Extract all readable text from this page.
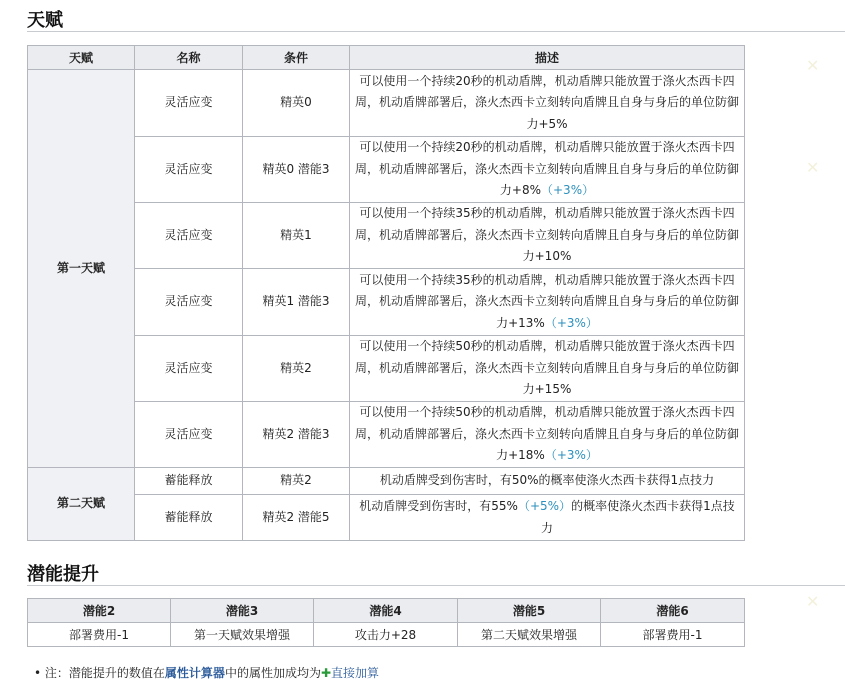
天赋
天赋	名称	条件	描述
第一天赋	灵活应变	精英0	可以使用一个持续20秒的机动盾牌，机动盾牌只能放置于涤火杰西卡四周，机动盾牌部署后，涤火杰西卡立刻转向盾牌且自身与身后的单位防御力+5%
	灵活应变	精英0 潜能3	可以使用一个持续20秒的机动盾牌，机动盾牌只能放置于涤火杰西卡四周，机动盾牌部署后，涤火杰西卡立刻转向盾牌且自身与身后的单位防御力+8%（+3%）
	灵活应变	精英1	可以使用一个持续35秒的机动盾牌，机动盾牌只能放置于涤火杰西卡四周，机动盾牌部署后，涤火杰西卡立刻转向盾牌且自身与身后的单位防御力+10%
	灵活应变	精英1 潜能3	可以使用一个持续35秒的机动盾牌，机动盾牌只能放置于涤火杰西卡四周，机动盾牌部署后，涤火杰西卡立刻转向盾牌且自身与身后的单位防御力+13%（+3%）
	灵活应变	精英2	可以使用一个持续50秒的机动盾牌，机动盾牌只能放置于涤火杰西卡四周，机动盾牌部署后，涤火杰西卡立刻转向盾牌且自身与身后的单位防御力+15%
	灵活应变	精英2 潜能3	可以使用一个持续50秒的机动盾牌，机动盾牌只能放置于涤火杰西卡四周，机动盾牌部署后，涤火杰西卡立刻转向盾牌且自身与身后的单位防御力+18%（+3%）
第二天赋	蓄能释放	精英2	机动盾牌受到伤害时，有50%的概率使涤火杰西卡获得1点技力
	蓄能释放	精英2 潜能5	机动盾牌受到伤害时，有55%（+5%）的概率使涤火杰西卡获得1点技力
潜能提升
潜能2	潜能3	潜能4	潜能5	潜能6
部署费用-1	第一天赋效果增强	攻击力+28	第二天赋效果增强	部署费用-1
• 注：潜能提升的数值在属性计算器中的属性加成均为✚直接加算
✕
✕
✕
